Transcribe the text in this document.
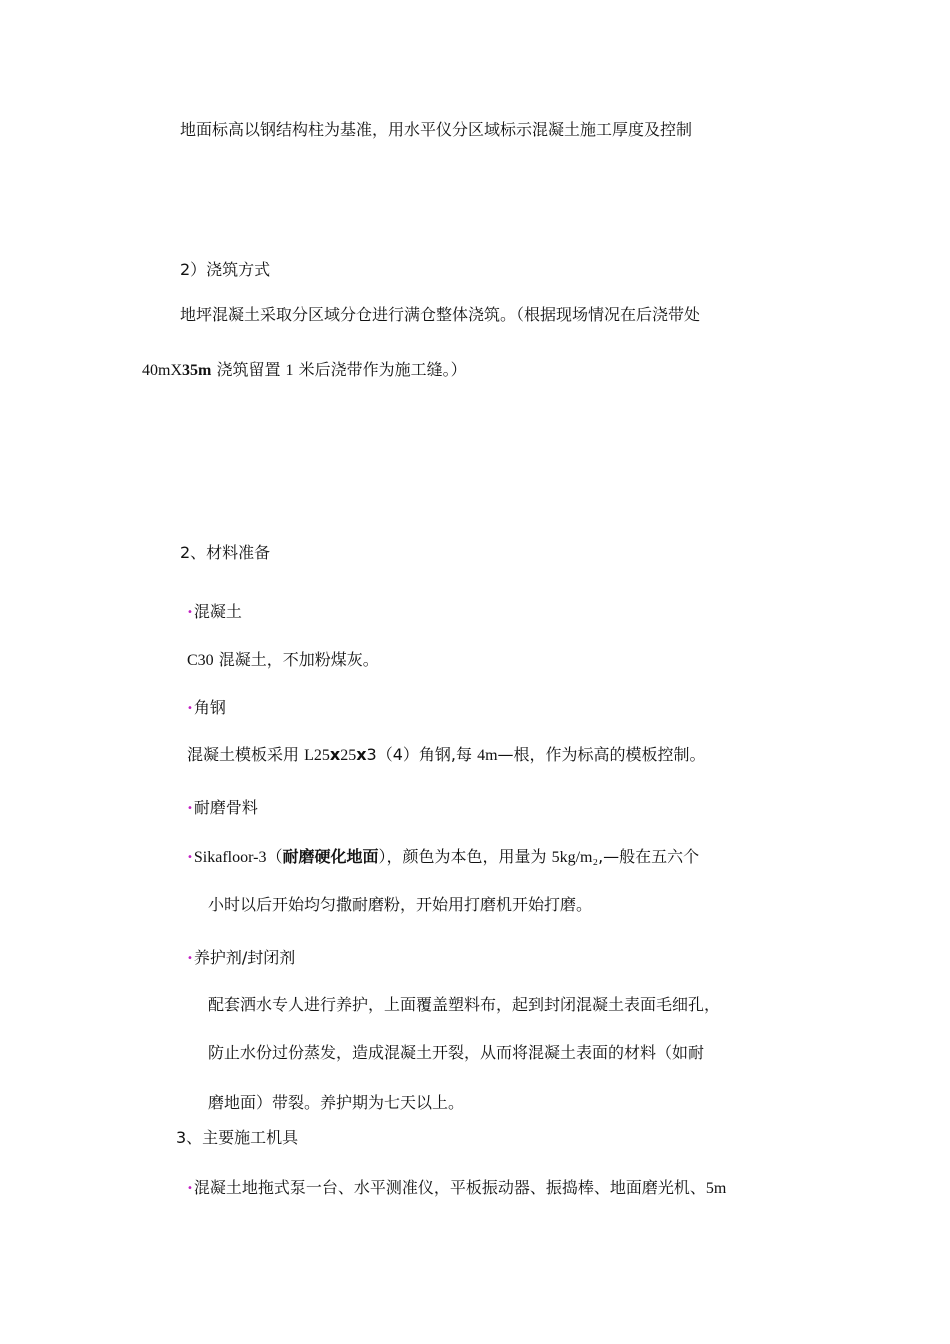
地面标高以钢结构柱为基准，用水平仪分区域标示混凝土施工厚度及控制
2）浇筑方式
地坪混凝土采取分区域分仓进行满仓整体浇筑。（根据现场情况在后浇带处
40mX35m 浇筑留置 1 米后浇带作为施工缝。）
2、材料准备
•混凝土
C30 混凝土，不加粉煤灰。
•角钢
混凝土模板采用 L25x25x3（4）角钢,每 4m—根，作为标高的模板控制。
•耐磨骨料
•Sikafloor-3（耐磨硬化地面），颜色为本色，用量为 5kg/m₂,—般在五六个
小时以后开始均匀撒耐磨粉，开始用打磨机开始打磨。
•养护剂/封闭剂
配套洒水专人进行养护，上面覆盖塑料布，起到封闭混凝土表面毛细孔，
防止水份过份蒸发，造成混凝土开裂，从而将混凝土表面的材料（如耐
磨地面）带裂。养护期为七天以上。
3、主要施工机具
•混凝土地拖式泵一台、水平测准仪，平板振动器、振捣棒、地面磨光机、5m
